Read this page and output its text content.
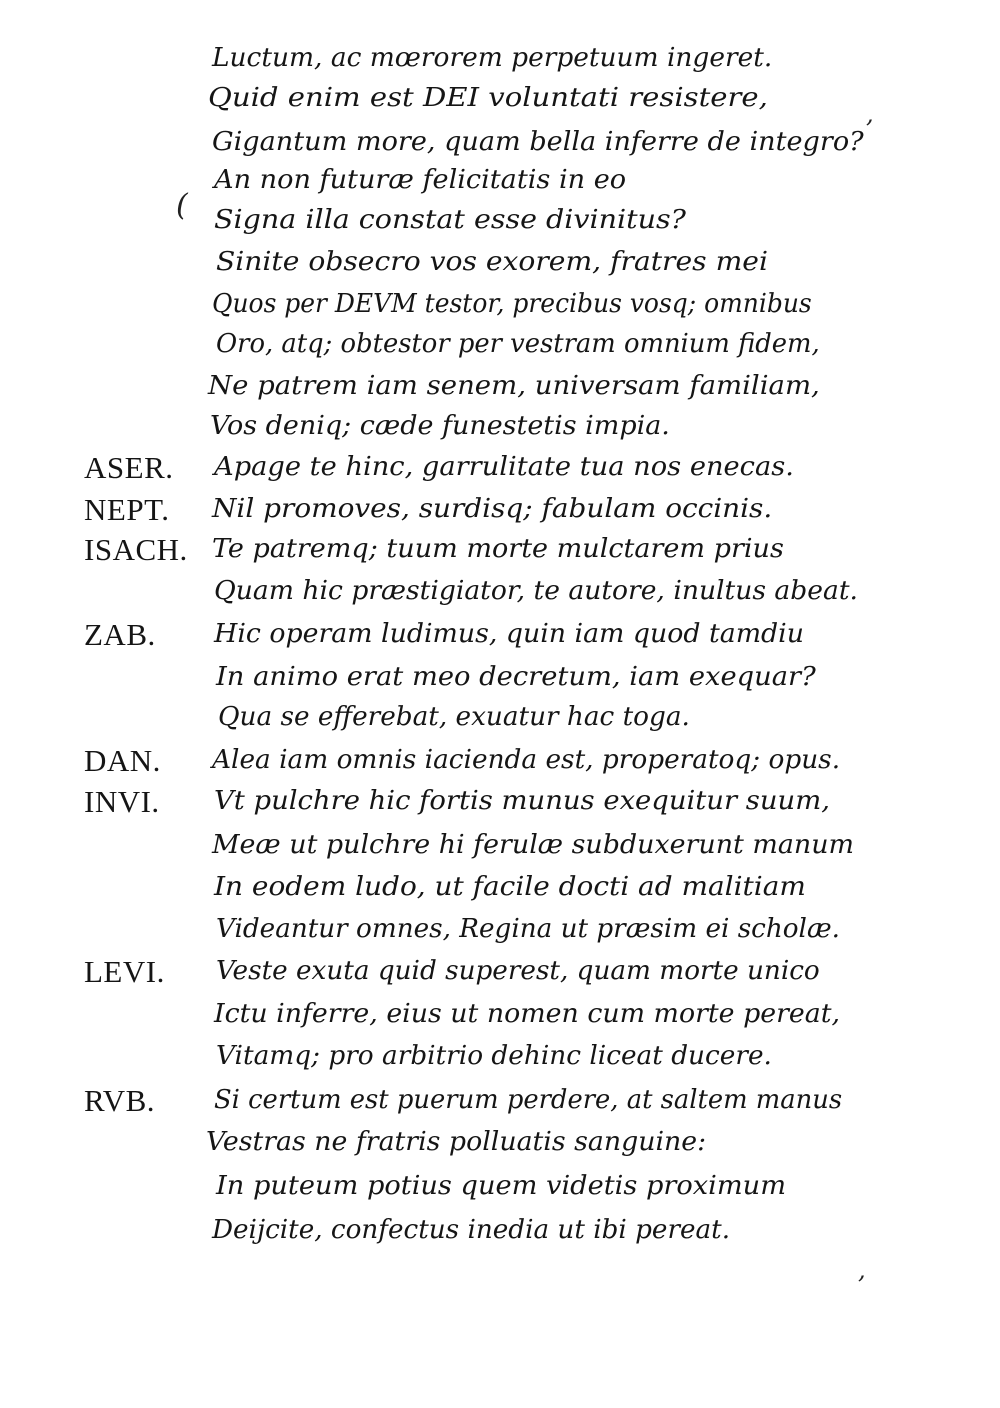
(
,
,
Luctum, ac mœrorem perpetuum ingeret.
Quid enim est DEI voluntati resistere,
Gigantum more, quam bella inferre de integro?
An non futuræ felicitatis in eo
Signa illa constat esse divinitus?
Sinite obsecro vos exorem, fratres mei
Quos per DEVM testor, precibus vosq; omnibus
Oro, atq; obtestor per vestram omnium fidem,
Ne patrem iam senem, universam familiam,
Vos deniq; cæde funestetis impia.
ASER.	Apage te hinc, garrulitate tua nos enecas.
NEPT.	Nil promoves, surdisq; fabulam occinis.
ISACH. Te patremq; tuum morte mulctarem prius
Quam hic præstigiator, te autore, inultus abeat.
ZAB.	Hic operam ludimus, quin iam quod tamdiu
In animo erat meo decretum, iam exequar?
Qua se efferebat, exuatur hac toga.
DAN.	Alea iam omnis iacienda est, properatoq; opus.
INVI.	Vt pulchre hic fortis munus exequitur suum,
Meæ ut pulchre hi ferulæ subduxerunt manum
In eodem ludo, ut facile docti ad malitiam
Videantur omnes, Regina ut præsim ei scholæ.
LEVI.	Veste exuta quid superest, quam morte unico
Ictu inferre, eius ut nomen cum morte pereat,
Vitamq; pro arbitrio dehinc liceat ducere.
RVB.	Si certum est puerum perdere, at saltem manus
Vestras ne fratris polluatis sanguine:
In puteum potius quem videtis proximum
Deijcite, confectus inedia ut ibi pereat.
